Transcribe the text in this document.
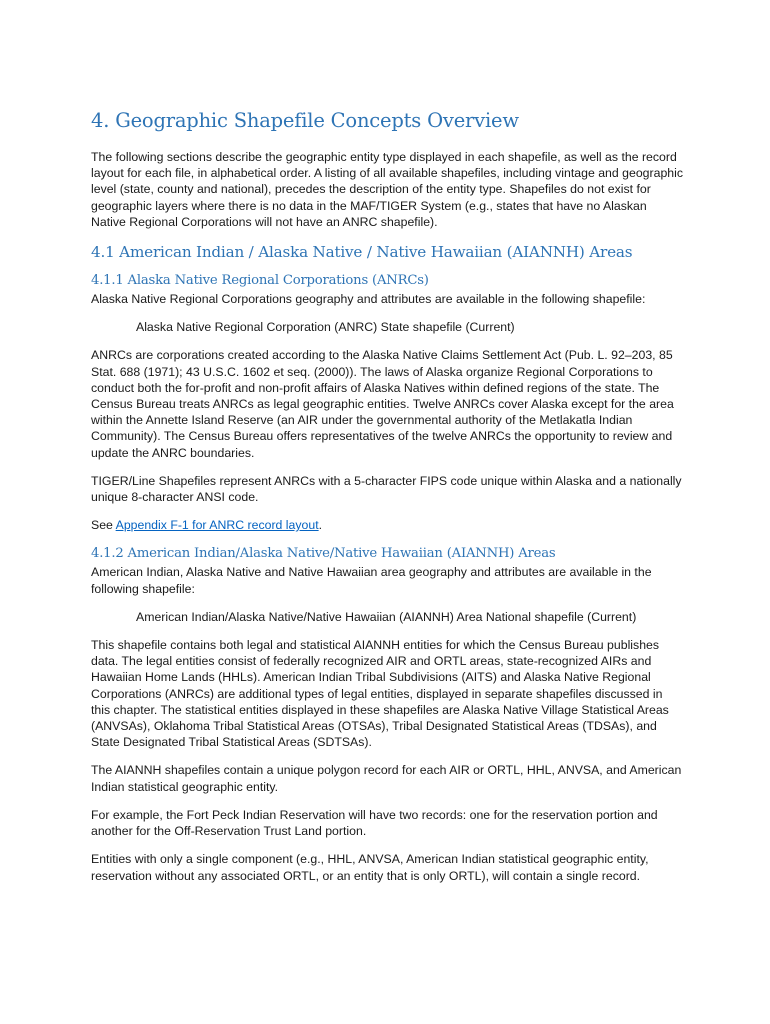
4. Geographic Shapefile Concepts Overview

The following sections describe the geographic entity type displayed in each shapefile, as well as the record layout for each file, in alphabetical order. A listing of all available shapefiles, including vintage and geographic level (state, county and national), precedes the description of the entity type. Shapefiles do not exist for geographic layers where there is no data in the MAF/TIGER System (e.g., states that have no Alaskan Native Regional Corporations will not have an ANRC shapefile).

4.1 American Indian / Alaska Native / Native Hawaiian (AIANNH) Areas
4.1.1 Alaska Native Regional Corporations (ANRCs)

Alaska Native Regional Corporations geography and attributes are available in the following shapefile:

Alaska Native Regional Corporation (ANRC) State shapefile (Current)

ANRCs are corporations created according to the Alaska Native Claims Settlement Act (Pub. L. 92–203, 85 Stat. 688 (1971); 43 U.S.C. 1602 et seq. (2000)). The laws of Alaska organize Regional Corporations to conduct both the for-profit and non-profit affairs of Alaska Natives within defined regions of the state. The Census Bureau treats ANRCs as legal geographic entities. Twelve ANRCs cover Alaska except for the area within the Annette Island Reserve (an AIR under the governmental authority of the Metlakatla Indian Community). The Census Bureau offers representatives of the twelve ANRCs the opportunity to review and update the ANRC boundaries.

TIGER/Line Shapefiles represent ANRCs with a 5-character FIPS code unique within Alaska and a nationally unique 8-character ANSI code.

See Appendix F-1 for ANRC record layout.

4.1.2 American Indian/Alaska Native/Native Hawaiian (AIANNH) Areas

American Indian, Alaska Native and Native Hawaiian area geography and attributes are available in the following shapefile:

American Indian/Alaska Native/Native Hawaiian (AIANNH) Area National shapefile (Current)

This shapefile contains both legal and statistical AIANNH entities for which the Census Bureau publishes data. The legal entities consist of federally recognized AIR and ORTL areas, state-recognized AIRs and Hawaiian Home Lands (HHLs). American Indian Tribal Subdivisions (AITS) and Alaska Native Regional Corporations (ANRCs) are additional types of legal entities, displayed in separate shapefiles discussed in this chapter. The statistical entities displayed in these shapefiles are Alaska Native Village Statistical Areas (ANVSAs), Oklahoma Tribal Statistical Areas (OTSAs), Tribal Designated Statistical Areas (TDSAs), and State Designated Tribal Statistical Areas (SDTSAs).

The AIANNH shapefiles contain a unique polygon record for each AIR or ORTL, HHL, ANVSA, and American Indian statistical geographic entity.

For example, the Fort Peck Indian Reservation will have two records: one for the reservation portion and another for the Off-Reservation Trust Land portion.

Entities with only a single component (e.g., HHL, ANVSA, American Indian statistical geographic entity, reservation without any associated ORTL, or an entity that is only ORTL), will contain a single record.
